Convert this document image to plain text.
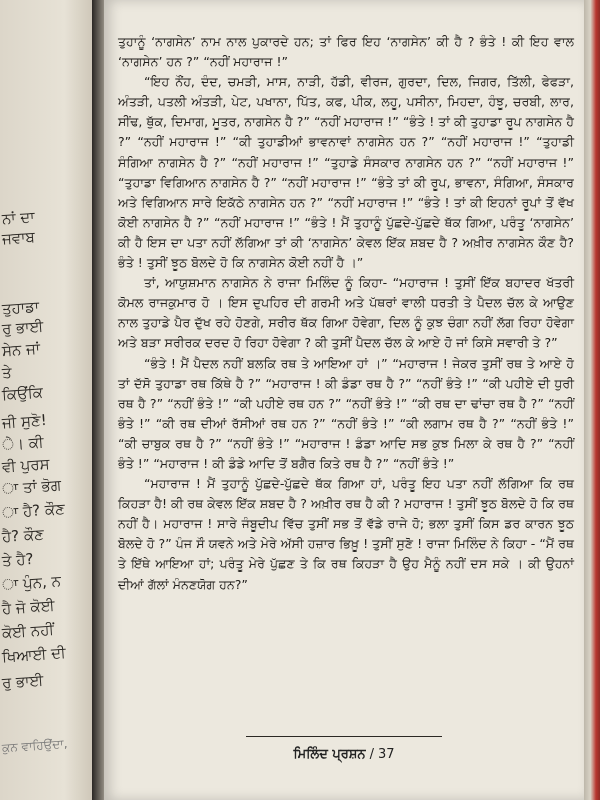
ਨਾਂ ਦਾ
ਜਵਾਬ
ਤੁਹਾਡਾ
ਰੁ ਭਾਈ
ਸੇਨ ਜਾਂ
ਤੇ
ਕਿਉਂਕਿ
ਜੀ ਸੁਣੋ!
ੇ। ਕੀ
ਵੀ ਪੁਰਸ
ਾ ਤਾਂ ਭੋਗ
ਾ ਹੈ? ਕੌਣ
ਹੈ? ਕੌਣ
ਤੇ ਹੈ?
ਾ ਪੁੰਨ, ਨ
ਹੈ ਜੋ ਕੋਈ
ਕੋਈ ਨਹੀਂ
ਖਿਆਈ ਦੀ
ਰੁ ਭਾਈ
ਕੁਨ ਵਾਹਿਉਂਦਾ,

ਤੁਹਾਨੂੰ ‘ਨਾਗਸੇਨ’ ਨਾਮ ਨਾਲ ਪੁਕਾਰਦੇ ਹਨ; ਤਾਂ ਫਿਰ ਇਹ ‘ਨਾਗਸੇਨ’ ਕੀ ਹੈ ? ਭੰਤੇ ! ਕੀ ਇਹ ਵਾਲ ‘ਨਾਗਸੇਨ’ ਹਨ ?” “ਨਹੀਂ ਮਹਾਰਾਜ !”

“ਇਹ ਨੌਂਹ, ਦੰਦ, ਚਮੜੀ, ਮਾਸ, ਨਾੜੀ, ਹੱਡੀ, ਵੀਰਜ, ਗੁਰਦਾ, ਦਿਲ, ਜਿਗਰ, ਤਿੱਲੀ, ਫੇਫੜਾ, ਅੰਤੜੀ, ਪਤਲੀ ਅੰਤੜੀ, ਪੇਟ, ਪਖਾਨਾ, ਪਿੱਤ, ਕਫ, ਪੀਕ, ਲਹੂ, ਪਸੀਨਾ, ਮਿਹਦਾ, ਹੰਝੂ, ਚਰਬੀ, ਲਾਰ, ਸੀਂਢ, ਥੁੱਕ, ਦਿਮਾਗ, ਮੂਤਰ, ਨਾਗਸੇਨ ਹੈ ?” “ਨਹੀਂ ਮਹਾਰਾਜ !” “ਭੰਤੇ ! ਤਾਂ ਕੀ ਤੁਹਾਡਾ ਰੂਪ ਨਾਗਸੇਨ ਹੈ ?” “ਨਹੀਂ ਮਹਾਰਾਜ !” “ਕੀ ਤੁਹਾਡੀਆਂ ਭਾਵਨਾਵਾਂ ਨਾਗਸੇਨ ਹਨ ?” “ਨਹੀਂ ਮਹਾਰਾਜ !” “ਤੁਹਾਡੀ ਸੰਗਿਆ ਨਾਗਸੇਨ ਹੈ ?” “ਨਹੀਂ ਮਹਾਰਾਜ !” “ਤੁਹਾਡੇ ਸੰਸਕਾਰ ਨਾਗਸੇਨ ਹਨ ?” “ਨਹੀਂ ਮਹਾਰਾਜ !” “ਤੁਹਾਡਾ ਵਿਗਿਆਨ ਨਾਗਸੇਨ ਹੈ ?” “ਨਹੀਂ ਮਹਾਰਾਜ !” “ਭੰਤੇ ਤਾਂ ਕੀ ਰੂਪ, ਭਾਵਨਾ, ਸੰਗਿਆ, ਸੰਸਕਾਰ ਅਤੇ ਵਿਗਿਆਨ ਸਾਰੇ ਇਕੱਠੇ ਨਾਗਸੇਨ ਹਨ ?” “ਨਹੀਂ ਮਹਾਰਾਜ !” “ਭੰਤੇ ! ਤਾਂ ਕੀ ਇਹਨਾਂ ਰੂਪਾਂ ਤੋਂ ਵੱਖ ਕੋਈ ਨਾਗਸੇਨ ਹੈ ?” “ਨਹੀਂ ਮਹਾਰਾਜ !” “ਭੰਤੇ ! ਮੈਂ ਤੁਹਾਨੂੰ ਪੁੱਛਦੇ-ਪੁੱਛਦੇ ਥੱਕ ਗਿਆ, ਪਰੰਤੂ ‘ਨਾਗਸੇਨ’ ਕੀ ਹੈ ਇਸ ਦਾ ਪਤਾ ਨਹੀਂ ਲੱਗਿਆ ਤਾਂ ਕੀ ‘ਨਾਗਸੇਨ’ ਕੇਵਲ ਇੱਕ ਸ਼ਬਦ ਹੈ ? ਅਖ਼ੀਰ ਨਾਗਸੇਨ ਕੌਣ ਹੈ? ਭੰਤੇ ! ਤੁਸੀਂ ਝੂਠ ਬੋਲਦੇ ਹੋ ਕਿ ਨਾਗਸੇਨ ਕੋਈ ਨਹੀਂ ਹੈ ।”

ਤਾਂ, ਆਯੁਸ਼ਮਾਨ ਨਾਗਸੇਨ ਨੇ ਰਾਜਾ ਮਿਲਿੰਦ ਨੂੰ ਕਿਹਾ- “ਮਹਾਰਾਜ ! ਤੁਸੀਂ ਇੱਕ ਬਹਾਦਰ ਖੱਤਰੀ ਕੋਮਲ ਰਾਜਕੁਮਾਰ ਹੋ । ਇਸ ਦੁਪਹਿਰ ਦੀ ਗਰਮੀ ਅਤੇ ਪੱਥਰਾਂ ਵਾਲੀ ਧਰਤੀ ਤੇ ਪੈਦਲ ਚੱਲ ਕੇ ਆਉਣ ਨਾਲ ਤੁਹਾਡੇ ਪੈਰ ਦੁੱਖ ਰਹੇ ਹੋਣਗੇ, ਸਰੀਰ ਥੱਕ ਗਿਆ ਹੋਵੇਗਾ, ਦਿਲ ਨੂੰ ਕੁਝ ਚੰਗਾ ਨਹੀਂ ਲੱਗ ਰਿਹਾ ਹੋਵੇਗਾ ਅਤੇ ਬੜਾ ਸਰੀਰਕ ਦਰਦ ਹੋ ਰਿਹਾ ਹੋਵੇਗਾ ? ਕੀ ਤੁਸੀਂ ਪੈਦਲ ਚੱਲ ਕੇ ਆਏ ਹੋ ਜਾਂ ਕਿਸੇ ਸਵਾਰੀ ਤੇ ?”

“ਭੰਤੇ ! ਮੈਂ ਪੈਦਲ ਨਹੀਂ ਬਲਕਿ ਰਥ ਤੇ ਆਇਆ ਹਾਂ ।” “ਮਹਾਰਾਜ ! ਜੇਕਰ ਤੁਸੀਂ ਰਥ ਤੇ ਆਏ ਹੋ ਤਾਂ ਦੱਸੋ ਤੁਹਾਡਾ ਰਥ ਕਿੱਥੇ ਹੈ ?” “ਮਹਾਰਾਜ ! ਕੀ ਡੰਡਾ ਰਥ ਹੈ ?” “ਨਹੀਂ ਭੰਤੇ !” “ਕੀ ਪਹੀਏ ਦੀ ਧੁਰੀ ਰਥ ਹੈ ?” “ਨਹੀਂ ਭੰਤੇ !” “ਕੀ ਪਹੀਏ ਰਥ ਹਨ ?” “ਨਹੀਂ ਭੰਤੇ !” “ਕੀ ਰਥ ਦਾ ਢਾਂਚਾ ਰਥ ਹੈ ?” “ਨਹੀਂ ਭੰਤੇ !” “ਕੀ ਰਥ ਦੀਆਂ ਰੱਸੀਆਂ ਰਥ ਹਨ ?” “ਨਹੀਂ ਭੰਤੇ !” “ਕੀ ਲਗਾਮ ਰਥ ਹੈ ?” “ਨਹੀਂ ਭੰਤੇ !” “ਕੀ ਚਾਬੁਕ ਰਥ ਹੈ ?” “ਨਹੀਂ ਭੰਤੇ !” “ਮਹਾਰਾਜ ! ਡੰਡਾ ਆਦਿ ਸਭ ਕੁਝ ਮਿਲਾ ਕੇ ਰਥ ਹੈ ?” “ਨਹੀਂ ਭੰਤੇ !” “ਮਹਾਰਾਜ ! ਕੀ ਡੰਡੇ ਆਦਿ ਤੋਂ ਬਗੈਰ ਕਿਤੇ ਰਥ ਹੈ ?” “ਨਹੀਂ ਭੰਤੇ !”

“ਮਹਾਰਾਜ ! ਮੈਂ ਤੁਹਾਨੂੰ ਪੁੱਛਦੇ-ਪੁੱਛਦੇ ਥੱਕ ਗਿਆ ਹਾਂ, ਪਰੰਤੂ ਇਹ ਪਤਾ ਨਹੀਂ ਲੱਗਿਆ ਕਿ ਰਥ ਕਿਹੜਾ ਹੈ! ਕੀ ਰਥ ਕੇਵਲ ਇੱਕ ਸ਼ਬਦ ਹੈ ? ਅਖ਼ੀਰ ਰਥ ਹੈ ਕੀ ? ਮਹਾਰਾਜ ! ਤੁਸੀਂ ਝੂਠ ਬੋਲਦੇ ਹੋ ਕਿ ਰਥ ਨਹੀਂ ਹੈ। ਮਹਾਰਾਜ ! ਸਾਰੇ ਜੰਬੂਦੀਪ ਵਿੱਚ ਤੁਸੀਂ ਸਭ ਤੋਂ ਵੱਡੇ ਰਾਜੇ ਹੋ; ਭਲਾ ਤੁਸੀਂ ਕਿਸ ਡਰ ਕਾਰਨ ਝੂਠ ਬੋਲਦੇ ਹੋ ?” ਪੰਜ ਸੌ ਯਵਨੇ ਅਤੇ ਮੇਰੇ ਅੱਸੀ ਹਜ਼ਾਰ ਭਿਖ਼ੂ ! ਤੁਸੀਂ ਸੁਣੋ ! ਰਾਜਾ ਮਿਲਿੰਦ ਨੇ ਕਿਹਾ - “ਮੈਂ ਰਥ ਤੇ ਇੱਥੇ ਆਇਆ ਹਾਂ; ਪਰੰਤੂ ਮੇਰੇ ਪੁੱਛਣ ਤੇ ਕਿ ਰਥ ਕਿਹੜਾ ਹੈ ਉਹ ਮੈਨੂੰ ਨਹੀਂ ਦਸ ਸਕੇ । ਕੀ ਉਹਨਾਂ ਦੀਆਂ ਗੱਲਾਂ ਮੰਨਣਯੋਗ ਹਨ?”

ਮਿਲਿੰਦ ਪ੍ਰਸ਼ਨ / 37
